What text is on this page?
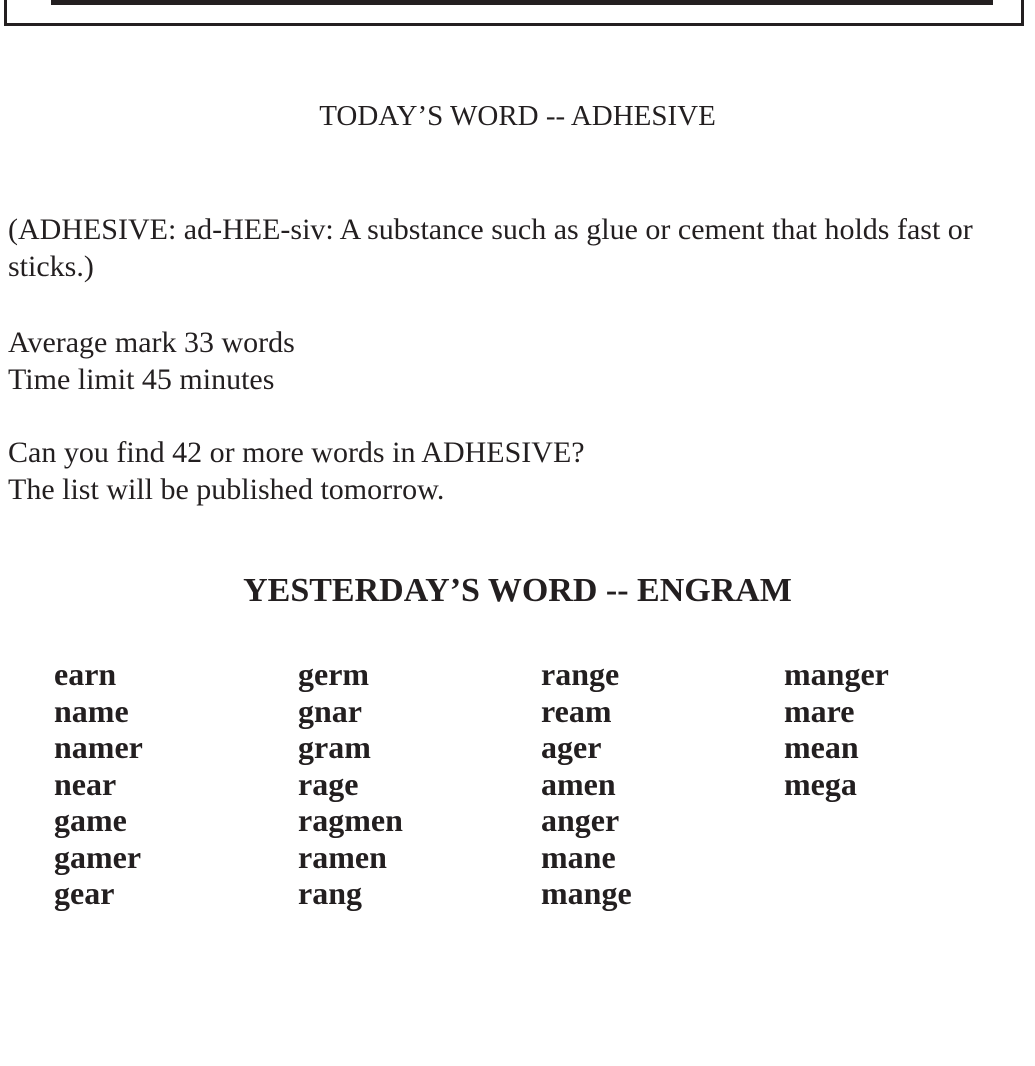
TODAY’S WORD -- ADHESIVE

(ADHESIVE: ad-HEE-siv: A substance such as glue or cement that holds fast or sticks.)

Average mark 33 words
Time limit 45 minutes

Can you find 42 or more words in ADHESIVE?
The list will be published tomorrow.

YESTERDAY’S WORD -- ENGRAM
earn
name
namer
near
game
gamer
gear
germ
gnar
gram
rage
ragmen
ramen
rang
range
ream
ager
amen
anger
mane
mange
manger
mare
mean
mega
